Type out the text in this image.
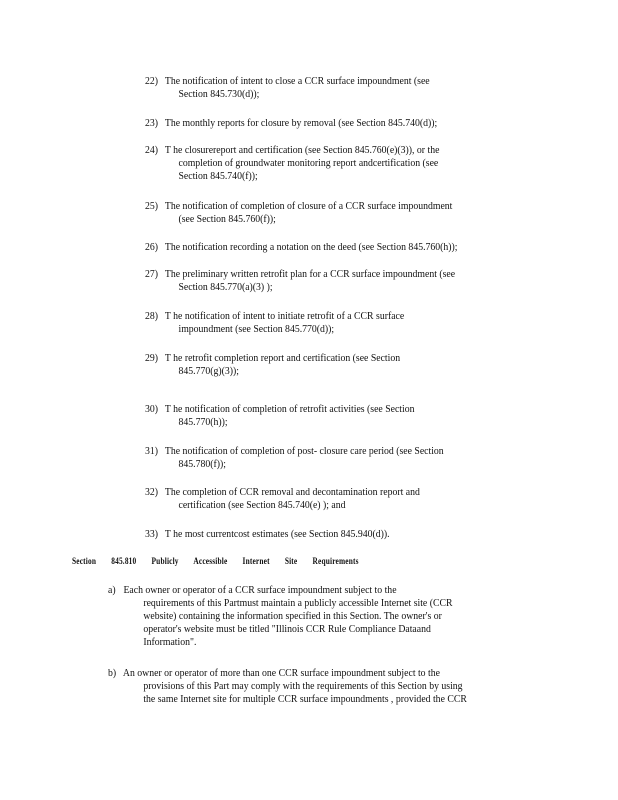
22) The notification of intent to close a CCR surface impoundment (see
Section 845.730(d));
23) The monthly reports for closure by removal (see Section 845.740(d));
24) T he closurereport and certification (see Section 845.760(e)(3)), or the
completion of groundwater monitoring report andcertification (see
Section 845.740(f));
25) The notification of completion of closure of a CCR surface impoundment
(see Section 845.760(f));
26) The notification recording a notation on the deed (see Section 845.760(h));
27) The preliminary written retrofit plan for a CCR surface impoundment (see
Section 845.770(a)(3) );
28) T he notification of intent to initiate retrofit of a CCR surface
impoundment (see Section 845.770(d));
29) T he retrofit completion report and certification (see Section
845.770(g)(3));
30) T he notification of completion of retrofit activities (see Section
845.770(h));
31) The notification of completion of post- closure care period (see Section
845.780(f));
32) The completion of CCR removal and decontamination report and
certification (see Section 845.740(e) ); and
33) T he most currentcost estimates (see Section 845.940(d)).
Section 845.810 Publicly Accessible Internet Site Requirements
a) Each owner or operator of a CCR surface impoundment subject to the
requirements of this Partmust maintain a publicly accessible Internet site (CCR
website) containing the information specified in this Section. The owner's or
operator's website must be titled "Illinois CCR Rule Compliance Dataand
Information".
b) An owner or operator of more than one CCR surface impoundment subject to the
provisions of this Part may comply with the requirements of this Section by using
the same Internet site for multiple CCR surface impoundments , provided the CCR
